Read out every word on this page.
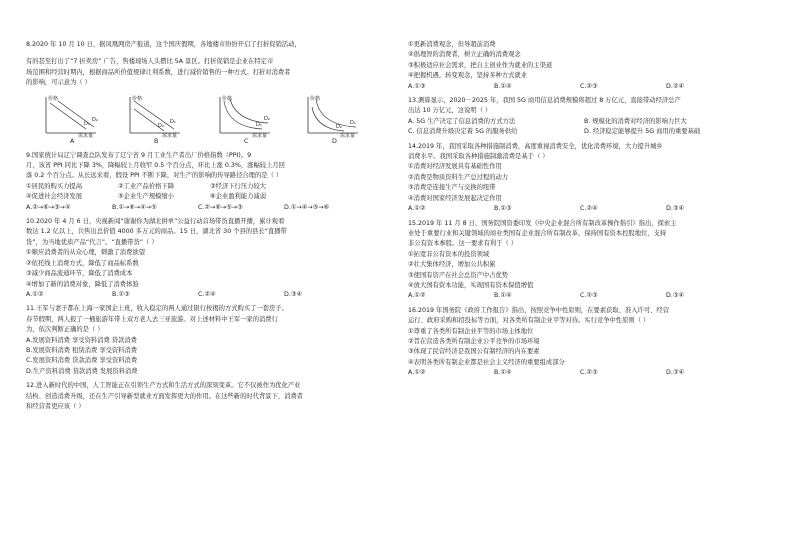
8.2020 年 10 月 10 日，据凤凰网房产报道，这个国庆假期，各地楼市纷纷开启了打折促销活动，

有的甚至打出了“7 折卖房” 广告，售楼现场人头攒比 5A 景区。打折促销是企业在特定市

场范围和经营时期内，根据商品所价值规律让利系数，进行减价销售的一种方式。打折对消费者

的影响，可示意为（ ）

价格
需求量
D₁
D₂
价格
需求量
D₁
D₂
价格
需求量
D₁
D₂
价格
需求量
D₁
D₂
A	B	C	D

9.国家统计局辽宁调查总队发布了辽宁省 9 月工业生产者出厂价格指数（PPI)。9

月，该省 PPI 同比下降 3%，降幅较上月收窄 0.5 个百分点，环比上涨 0.3%，涨幅较上月回

落 0.2 个百分点。从长远来看，假设 PPI 不断下降，对生产的影响的传导路径合理的是（ ）

①居民的购买力提高	②工业产品价格下降	③经济下行压力较大

④促进社会经济发展	⑤企业生产规模缩小	⑥企业盈利能力减弱

A.②→⑥→③→④	B.①→⑥→④→⑤	C.②→⑥→⑤→③	D.①→④→⑤→⑥

10.2020 年 4 月 6 日，央视新闻“谢谢你为湖北拼单”公益行动首场带货直播开播，累计观看

数达 1.2 亿以上，共售出总价值 4000 多万元的商品。15 日，湖北省 30 个县的县长“直播带

货”，为当地优质产品“代言”。“直播带货”（ ）

①顺应消费者的从众心理，刺激了消费欲望

②依托线上消费方式，降低了商品标系数

③减少商品流通环节，降低了消费成本

④增加了新的消费对象，降低了消费体验

A.①②	B.①③	C.②④	D.③④

11.王军与妻子都在上海一家国企上班，收入稳定的两人通过银行按揭的方式购买了一套房子。

春节假期，两人报了一桶旅游年带上双方老人去三亚旅游。对上述材料中王军一家的消费行

为，依次判断正确的是（ ）

A.发展资料消费 享受资料消费 贷款消费

B.发展资料消费 租赁消费 享受资料消费

C.发展资料消费 贷款消费 享受资料消费

D.生产资料消费 贷款消费 发展资料消费

12.进入新时代的中国，人工智能正在引领生产方式和生活方式的深刻变革。它不仅被作为优化产业

结构、创造消费升级，还在生产引导新型就业方面发挥更大的作用。在这些新的时代背景下，消费者

和经营者更应该（ ）

①更新消费观念，但导超前消费

②倡理智的消费者，树立正确的消费观念

③积极适应社会需求，把自主创业作为就业的主渠道

④把握机遇，转变观念，坚持多种方式就业

A.①③	B.①④	C.②③	D.②④

13.测算显示，2020－2025 年，我国 5G 商用信息消费规模将超过 8 万亿元，直接带动经济总产

出达 10 万亿元，这说明（ ）

A. 5G 生产决定了信息消费的方式方法	B. 规模化的消费对经济的影响力巨大

C. 信息消费升级决定着 5G 的服务供给	D. 经济稳定能够提升 5G 商用的重要基础

14.2019 年，我国采取各种措施制消费，高度重视消费安全，优化消费环境，大力提升城乡

消费水平。我国采取各种措施制激消费是基于（ ）

①消费对经济发展具有基础性作用

②消费是物质资料生产总过程的动力

③消费是连接生产与交换的纽带

④消费对国家经济发展起决定作用

A.①②	B.①③	C.②④	D.③④

15.2019 年 11 月 8 日，国务院国资委印发《中央企业混合所有制改革操作指引》指出，探索主

业处于重要行业和关键领域的商业类国有企业混合所有制改革，保持国有资本控股地位，支持

非公有资本参股。这一要求有利于（ ）

①拓宽非公有资本的投资领域

②壮大集体经济，增加公共积累

③使国有资产在社会总资产中占优势

④放大国有资本功能，实现国有资本保值增值

A.①②	B.①④	C.②③	D.③④

16.2019 年国务院《政府工作报告》指出，按照竞争中性原则，在要素获取、准入许可、经营

运行、政府采购和招投标等方面，对各类所有制企业平等对待。实行竞争中性原则（ ）

①尊重了各类所有制企业平等的市场主体地位

②旨在营造各类所有制企业公平竞争的市场环境

③体现了民营经济是我国公有制经济的内在要素

④表明各类所有制企业都是社会主义经济的重要组成部分

A.①②	B.①④	C.②③	D.③④
